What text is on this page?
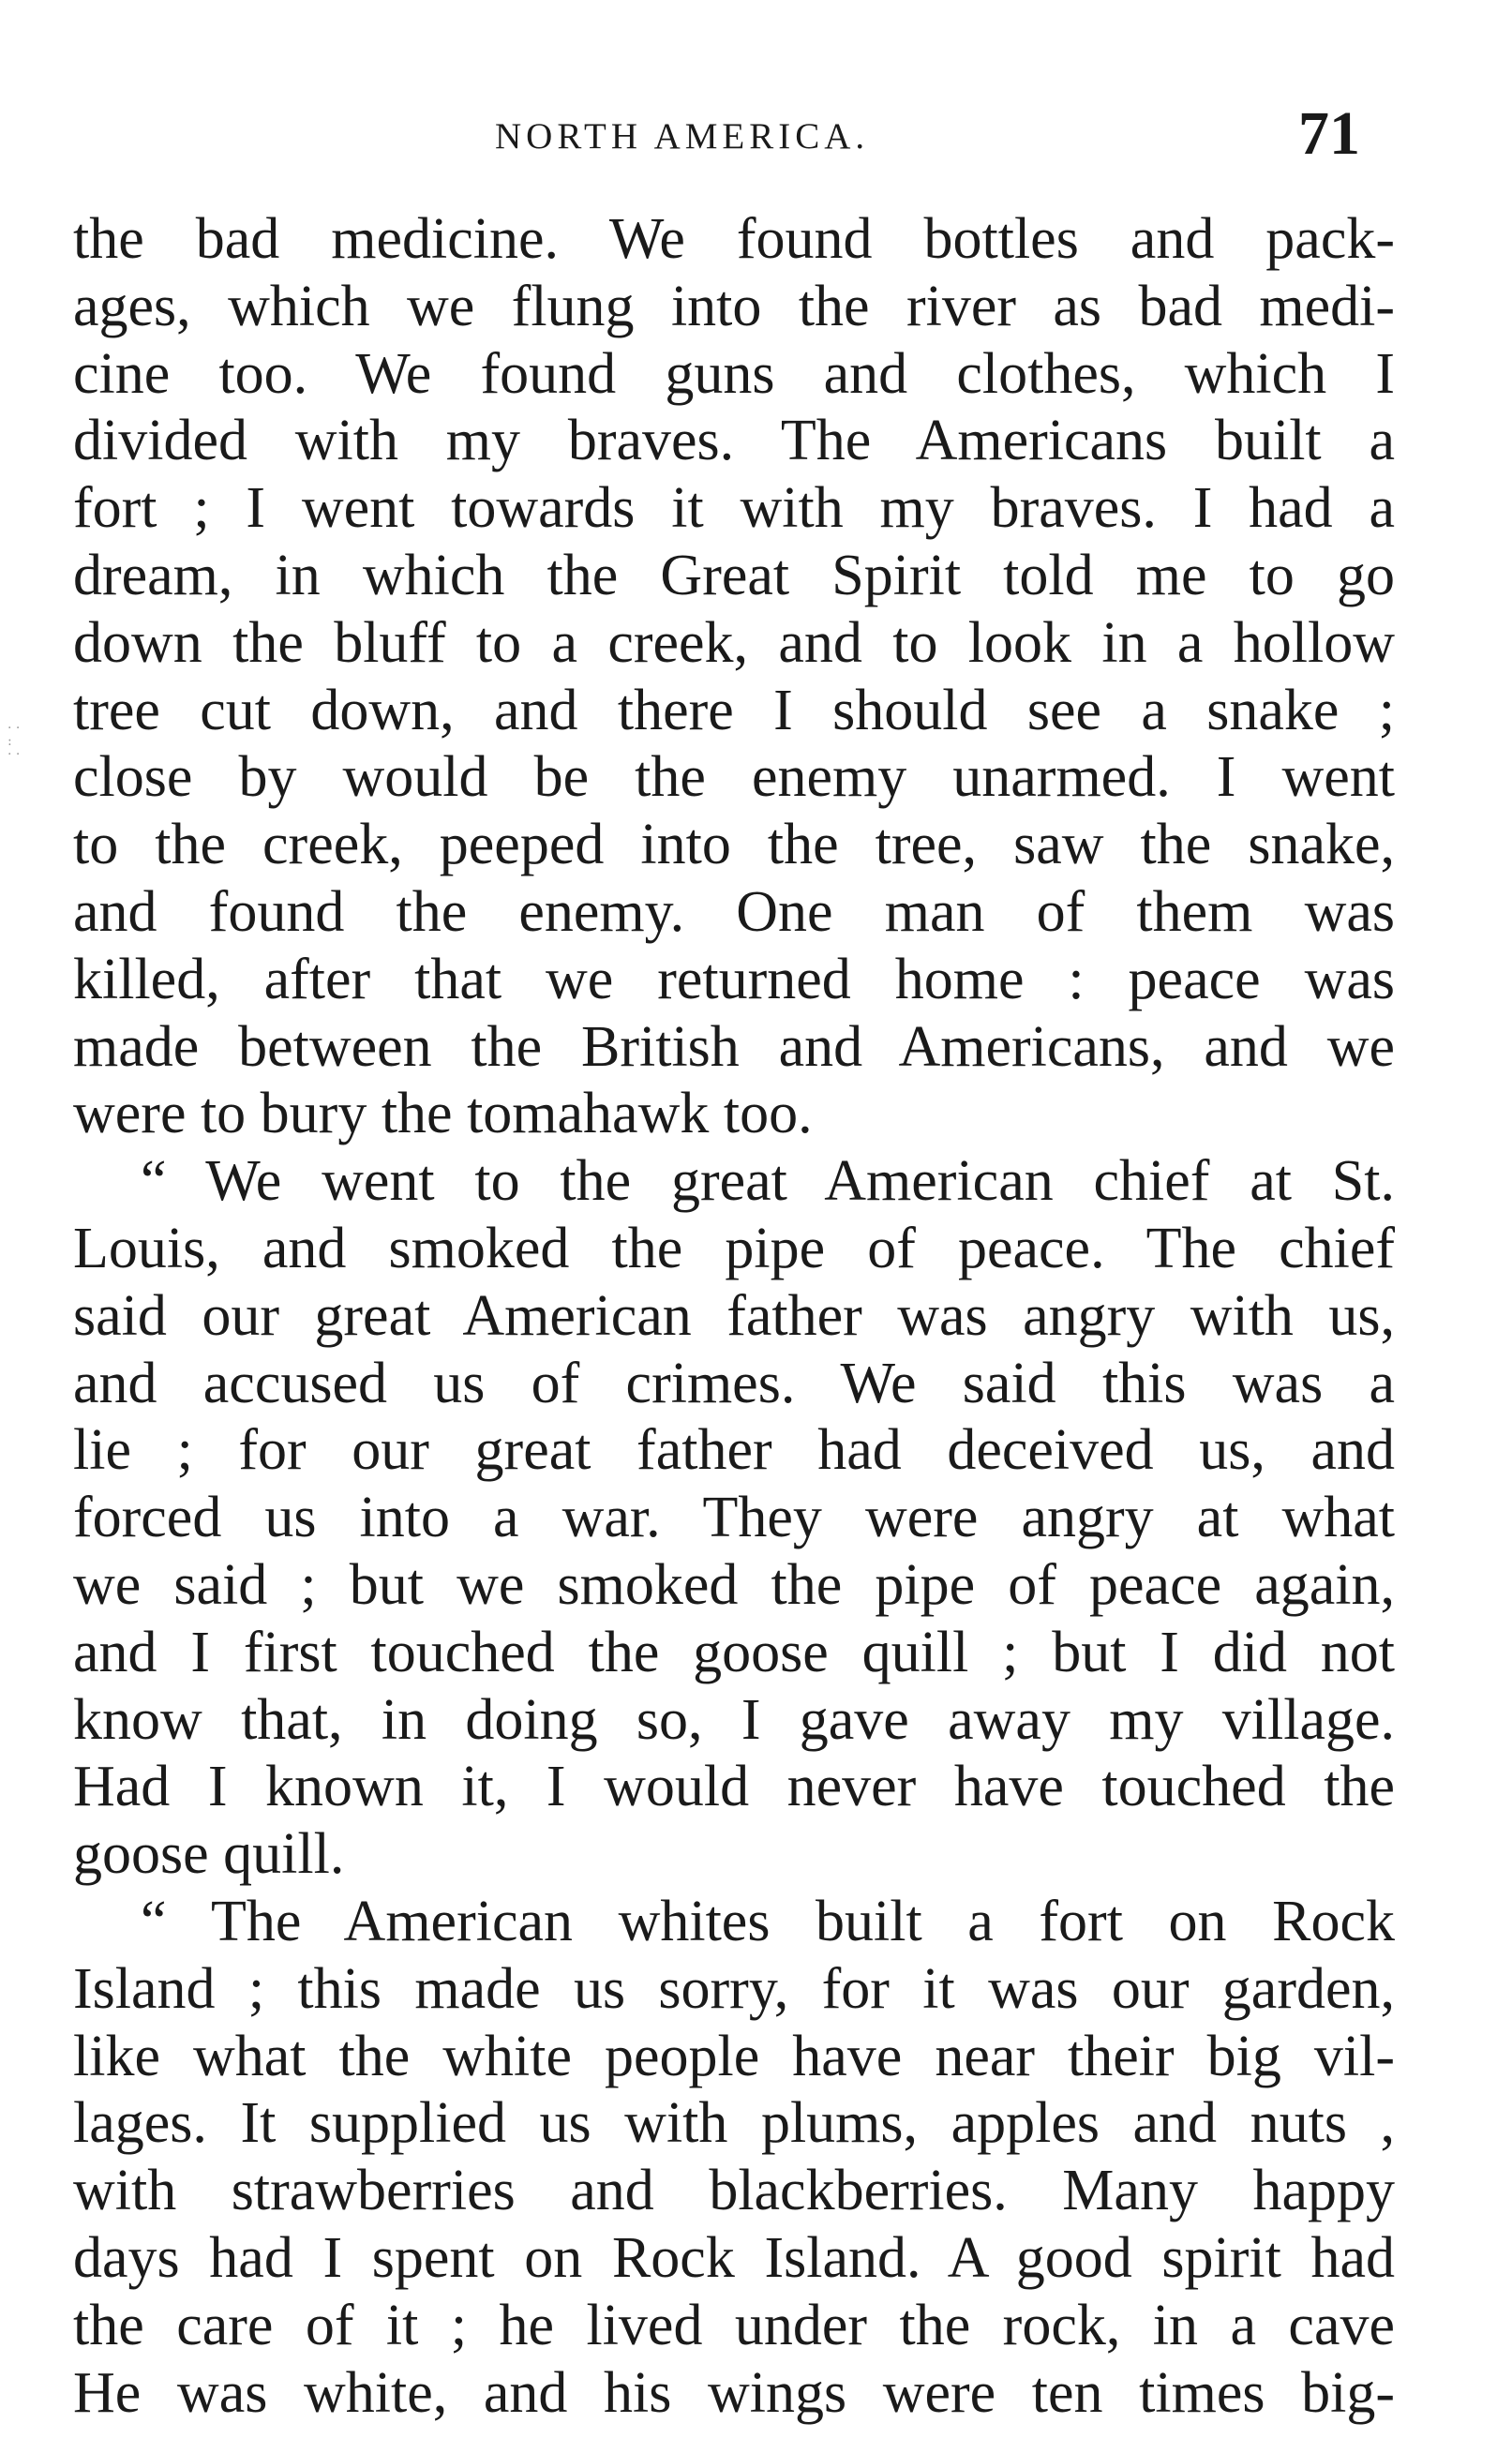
NORTH AMERICA.	71
· ·
:
· ·
the bad medicine. We found bottles and pack-
ages, which we flung into the river as bad medi-
cine too. We found guns and clothes, which I
divided with my braves. The Americans built a
fort ; I went towards it with my braves. I had a
dream, in which the Great Spirit told me to go
down the bluff to a creek, and to look in a hollow
tree cut down, and there I should see a snake ;
close by would be the enemy unarmed. I went
to the creek, peeped into the tree, saw the snake,
and found the enemy. One man of them was
killed, after that we returned home : peace was
made between the British and Americans, and we
were to bury the tomahawk too.
“ We went to the great American chief at St.
Louis, and smoked the pipe of peace. The chief
said our great American father was angry with us,
and accused us of crimes. We said this was a
lie ; for our great father had deceived us, and
forced us into a war. They were angry at what
we said ; but we smoked the pipe of peace again,
and I first touched the goose quill ; but I did not
know that, in doing so, I gave away my village.
Had I known it, I would never have touched the
goose quill.
“ The American whites built a fort on Rock
Island ; this made us sorry, for it was our garden,
like what the white people have near their big vil-
lages. It supplied us with plums, apples and nuts ,
with strawberries and blackberries. Many happy
days had I spent on Rock Island. A good spirit had
the care of it ; he lived under the rock, in a cave
He was white, and his wings were ten times big-
